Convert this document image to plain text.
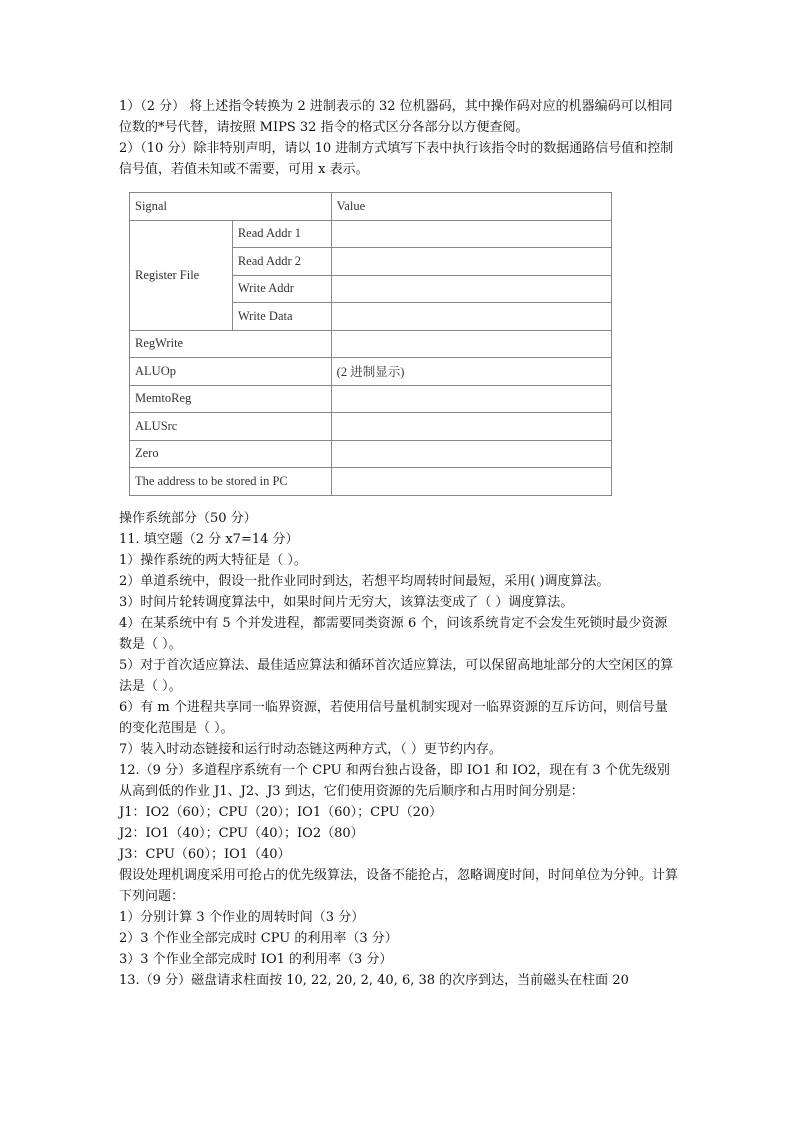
1）（2 分） 将上述指令转换为 2 进制表示的 32 位机器码，其中操作码对应的机器编码可以相同位数的*号代替，请按照 MIPS 32 指令的格式区分各部分以方便查阅。

2）（10 分）除非特别声明，请以 10 进制方式填写下表中执行该指令时的数据通路信号值和控制信号值，若值未知或不需要，可用 x 表示。

Signal		Value
Register File	Read Addr 1	
	Read Addr 2	
	Write Addr	
	Write Data	
RegWrite		
ALUOp		(2 进制显示)
MemtoReg		
ALUSrc		
Zero		
The address to be stored in PC		

操作系统部分（50 分）

11. 填空题（2 分 x7=14 分）

1）操作系统的两大特征是（ ）。

2）单道系统中，假设一批作业同时到达，若想平均周转时间最短，采用( )调度算法。

3）时间片轮转调度算法中，如果时间片无穷大，该算法变成了（ ）调度算法。

4）在某系统中有 5 个并发进程，都需要同类资源 6 个，问该系统肯定不会发生死锁时最少资源数是（ ）。

5）对于首次适应算法、最佳适应算法和循环首次适应算法，可以保留高地址部分的大空闲区的算法是（ ）。

6）有 m 个进程共享同一临界资源，若使用信号量机制实现对一临界资源的互斥访问，则信号量的变化范围是（ ）。

7）装入时动态链接和运行时动态链这两种方式，（ ）更节约内存。

12.（9 分）多道程序系统有一个 CPU 和两台独占设备，即 IO1 和 IO2，现在有 3 个优先级别从高到低的作业 J1、J2、J3 到达，它们使用资源的先后顺序和占用时间分别是：

J1：IO2（60）；CPU（20）；IO1（60）；CPU（20）

J2：IO1（40）；CPU（40）；IO2（80）

J3：CPU（60）；IO1（40）

假设处理机调度采用可抢占的优先级算法，设备不能抢占，忽略调度时间，时间单位为分钟。计算下列问题：

1）分别计算 3 个作业的周转时间（3 分）

2）3 个作业全部完成时 CPU 的利用率（3 分）

3）3 个作业全部完成时 IO1 的利用率（3 分）

13.（9 分）磁盘请求柱面按 10, 22, 20, 2, 40, 6, 38 的次序到达，当前磁头在柱面 20
